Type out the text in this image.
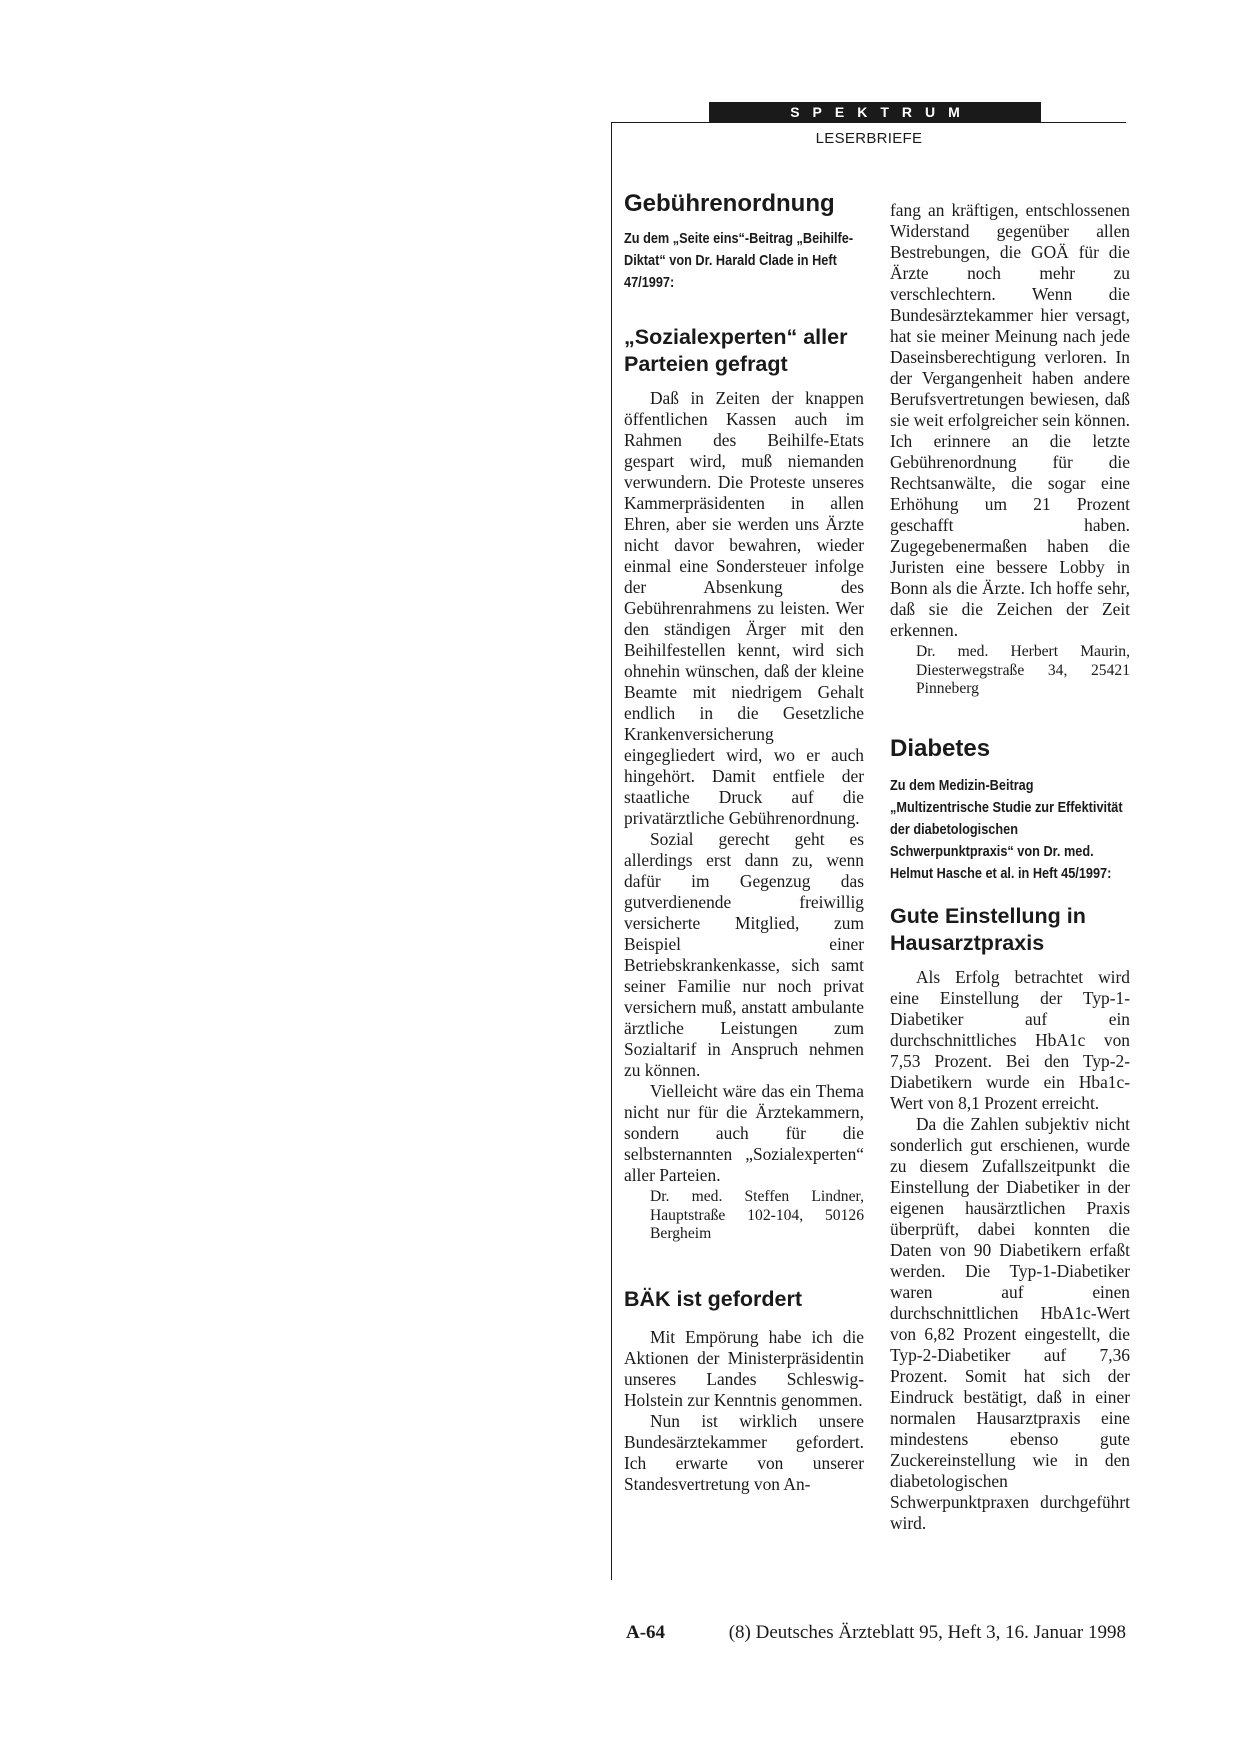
SPEKTRUM
LESERBRIEFE
Gebührenordnung

Zu dem „Seite eins“-Beitrag „Beihilfe-Diktat“ von Dr. Harald Clade in Heft 47/1997:

„Sozialexperten“ aller Parteien gefragt

Daß in Zeiten der knappen öffentlichen Kassen auch im Rahmen des Beihilfe-Etats gespart wird, muß niemanden verwundern. Die Proteste unseres Kammerpräsidenten in allen Ehren, aber sie werden uns Ärzte nicht davor bewahren, wieder einmal eine Sondersteuer infolge der Absenkung des Gebührenrahmens zu leisten. Wer den ständigen Ärger mit den Beihilfestellen kennt, wird sich ohnehin wünschen, daß der kleine Beamte mit niedrigem Gehalt endlich in die Gesetzliche Krankenversicherung eingegliedert wird, wo er auch hingehört. Damit entfiele der staatliche Druck auf die privatärztliche Gebührenordnung.

Sozial gerecht geht es allerdings erst dann zu, wenn dafür im Gegenzug das gutverdienende freiwillig versicherte Mitglied, zum Beispiel einer Betriebskrankenkasse, sich samt seiner Familie nur noch privat versichern muß, anstatt ambulante ärztliche Leistungen zum Sozialtarif in Anspruch nehmen zu können.

Vielleicht wäre das ein Thema nicht nur für die Ärztekammern, sondern auch für die selbsternannten „Sozialexperten“ aller Parteien.

Dr. med. Steffen Lindner, Hauptstraße 102-104, 50126 Bergheim

BÄK ist gefordert

Mit Empörung habe ich die Aktionen der Ministerpräsidentin unseres Landes Schleswig-Holstein zur Kenntnis genommen.

Nun ist wirklich unsere Bundesärztekammer gefordert. Ich erwarte von unserer Standesvertretung von An-

fang an kräftigen, entschlossenen Widerstand gegenüber allen Bestrebungen, die GOÄ für die Ärzte noch mehr zu verschlechtern. Wenn die Bundesärztekammer hier versagt, hat sie meiner Meinung nach jede Daseinsberechtigung verloren. In der Vergangenheit haben andere Berufsvertretungen bewiesen, daß sie weit erfolgreicher sein können. Ich erinnere an die letzte Gebührenordnung für die Rechtsanwälte, die sogar eine Erhöhung um 21 Prozent geschafft haben. Zugegebenermaßen haben die Juristen eine bessere Lobby in Bonn als die Ärzte. Ich hoffe sehr, daß sie die Zeichen der Zeit erkennen.

Dr. med. Herbert Maurin, Diesterwegstraße 34, 25421 Pinneberg

Diabetes

Zu dem Medizin-Beitrag „Multizentrische Studie zur Effektivität der diabetologischen Schwerpunktpraxis“ von Dr. med. Helmut Hasche et al. in Heft 45/1997:

Gute Einstellung in Hausarztpraxis

Als Erfolg betrachtet wird eine Einstellung der Typ-1-Diabetiker auf ein durchschnittliches HbA1c von 7,53 Prozent. Bei den Typ-2-Diabetikern wurde ein Hba1c-Wert von 8,1 Prozent erreicht.

Da die Zahlen subjektiv nicht sonderlich gut erschienen, wurde zu diesem Zufallszeitpunkt die Einstellung der Diabetiker in der eigenen hausärztlichen Praxis überprüft, dabei konnten die Daten von 90 Diabetikern erfaßt werden. Die Typ-1-Diabetiker waren auf einen durchschnittlichen HbA1c-Wert von 6,82 Prozent eingestellt, die Typ-2-Diabetiker auf 7,36 Prozent. Somit hat sich der Eindruck bestätigt, daß in einer normalen Hausarztpraxis eine mindestens ebenso gute Zuckereinstellung wie in den diabetologischen Schwerpunktpraxen durchgeführt wird.

A-64	(8) Deutsches Ärzteblatt 95, Heft 3, 16. Januar 1998
